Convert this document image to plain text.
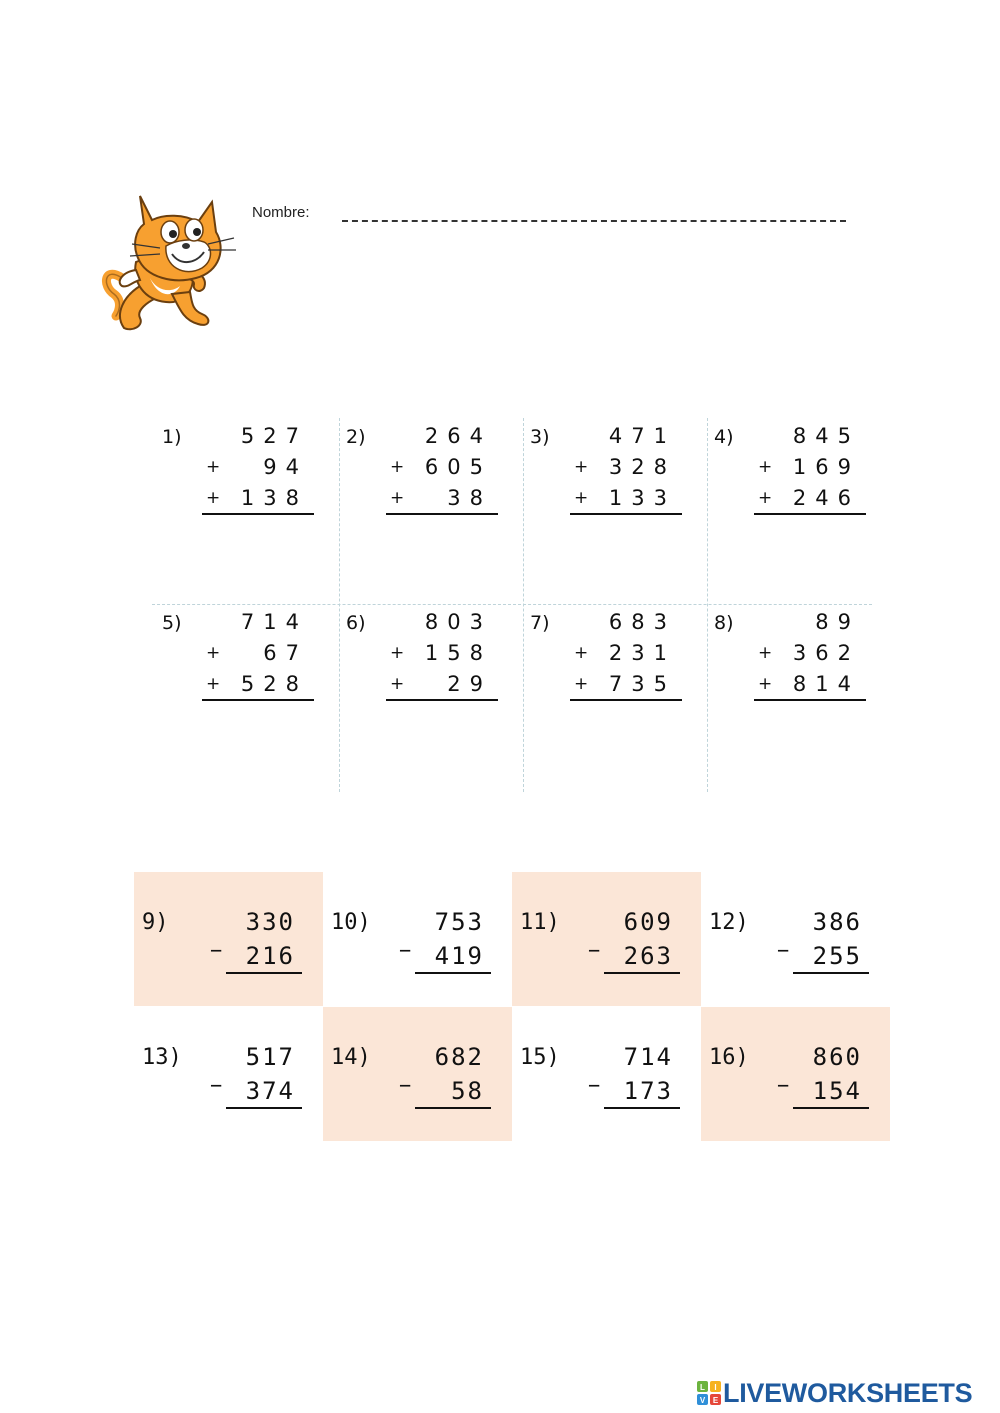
Nombre:
1)	527
+ 94
+ 138
2)	264
+ 605
+ 38
3)	471
+ 328
+ 133
4)	845
+ 169
+ 246
5)	714
+ 67
+ 528
6)	803
+ 158
+ 29
7)	683
+ 231
+ 735
8)	89
+ 362
+ 814
9)	330
− 216
10)	753
− 419
11)	609
− 263
12)	386
− 255
13)	517
− 374
14)	682
− 58
15)	714
− 173
16)	860
− 154
L I
V E LIVEWORKSHEETS
